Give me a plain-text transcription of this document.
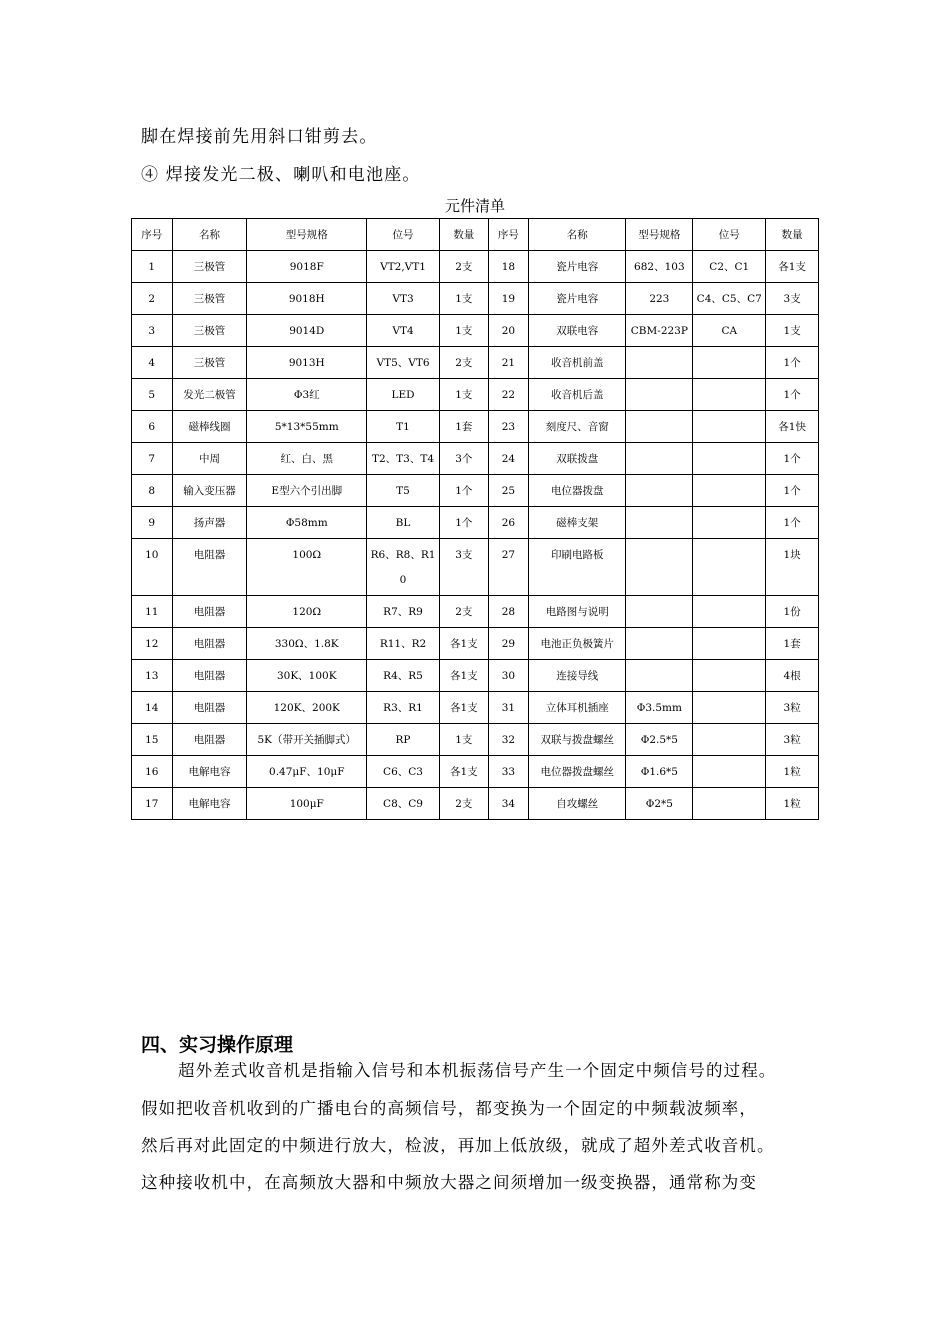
脚在焊接前先用斜口钳剪去。
④ 焊接发光二极、喇叭和电池座。
元件清单
序号	名称	型号规格	位号	数量	序号	名称	型号规格	位号	数量
1	三极管	9018F	VT2,VT1	2支	18	瓷片电容	682、103	C2、C1	各1支
2	三极管	9018H	VT3	1支	19	瓷片电容	223	C4、C5、C7	3支
3	三极管	9014D	VT4	1支	20	双联电容	CBM-223P	CA	1支
4	三极管	9013H	VT5、VT6	2支	21	收音机前盖			1个
5	发光二极管	Φ3红	LED	1支	22	收音机后盖			1个
6	磁棒线圈	5*13*55mm	T1	1套	23	刻度尺、音窗			各1快
7	中周	红、白、黑	T2、T3、T4	3个	24	双联拨盘			1个
8	输入变压器	E型六个引出脚	T5	1个	25	电位器拨盘			1个
9	扬声器	Φ58mm	BL	1个	26	磁棒支架			1个
10	电阻器	100Ω	R6、R8、R10	3支	27	印刷电路板			1块
11	电阻器	120Ω	R7、R9	2支	28	电路图与说明			1份
12	电阻器	330Ω、1.8K	R11、R2	各1支	29	电池正负极簧片			1套
13	电阻器	30K、100K	R4、R5	各1支	30	连接导线			4根
14	电阻器	120K、200K	R3、R1	各1支	31	立体耳机插座	Φ3.5mm		3粒
15	电阻器	5K（带开关插脚式）	RP	1支	32	双联与拨盘螺丝	Φ2.5*5		3粒
16	电解电容	0.47μF、10μF	C6、C3	各1支	33	电位器拨盘螺丝	Φ1.6*5		1粒
17	电解电容	100μF	C8、C9	2支	34	自攻螺丝	Φ2*5		1粒
四、实习操作原理
超外差式收音机是指输入信号和本机振荡信号产生一个固定中频信号的过程。
假如把收音机收到的广播电台的高频信号，都变换为一个固定的中频载波频率，
然后再对此固定的中频进行放大，检波，再加上低放级，就成了超外差式收音机。
这种接收机中，在高频放大器和中频放大器之间须增加一级变换器，通常称为变
